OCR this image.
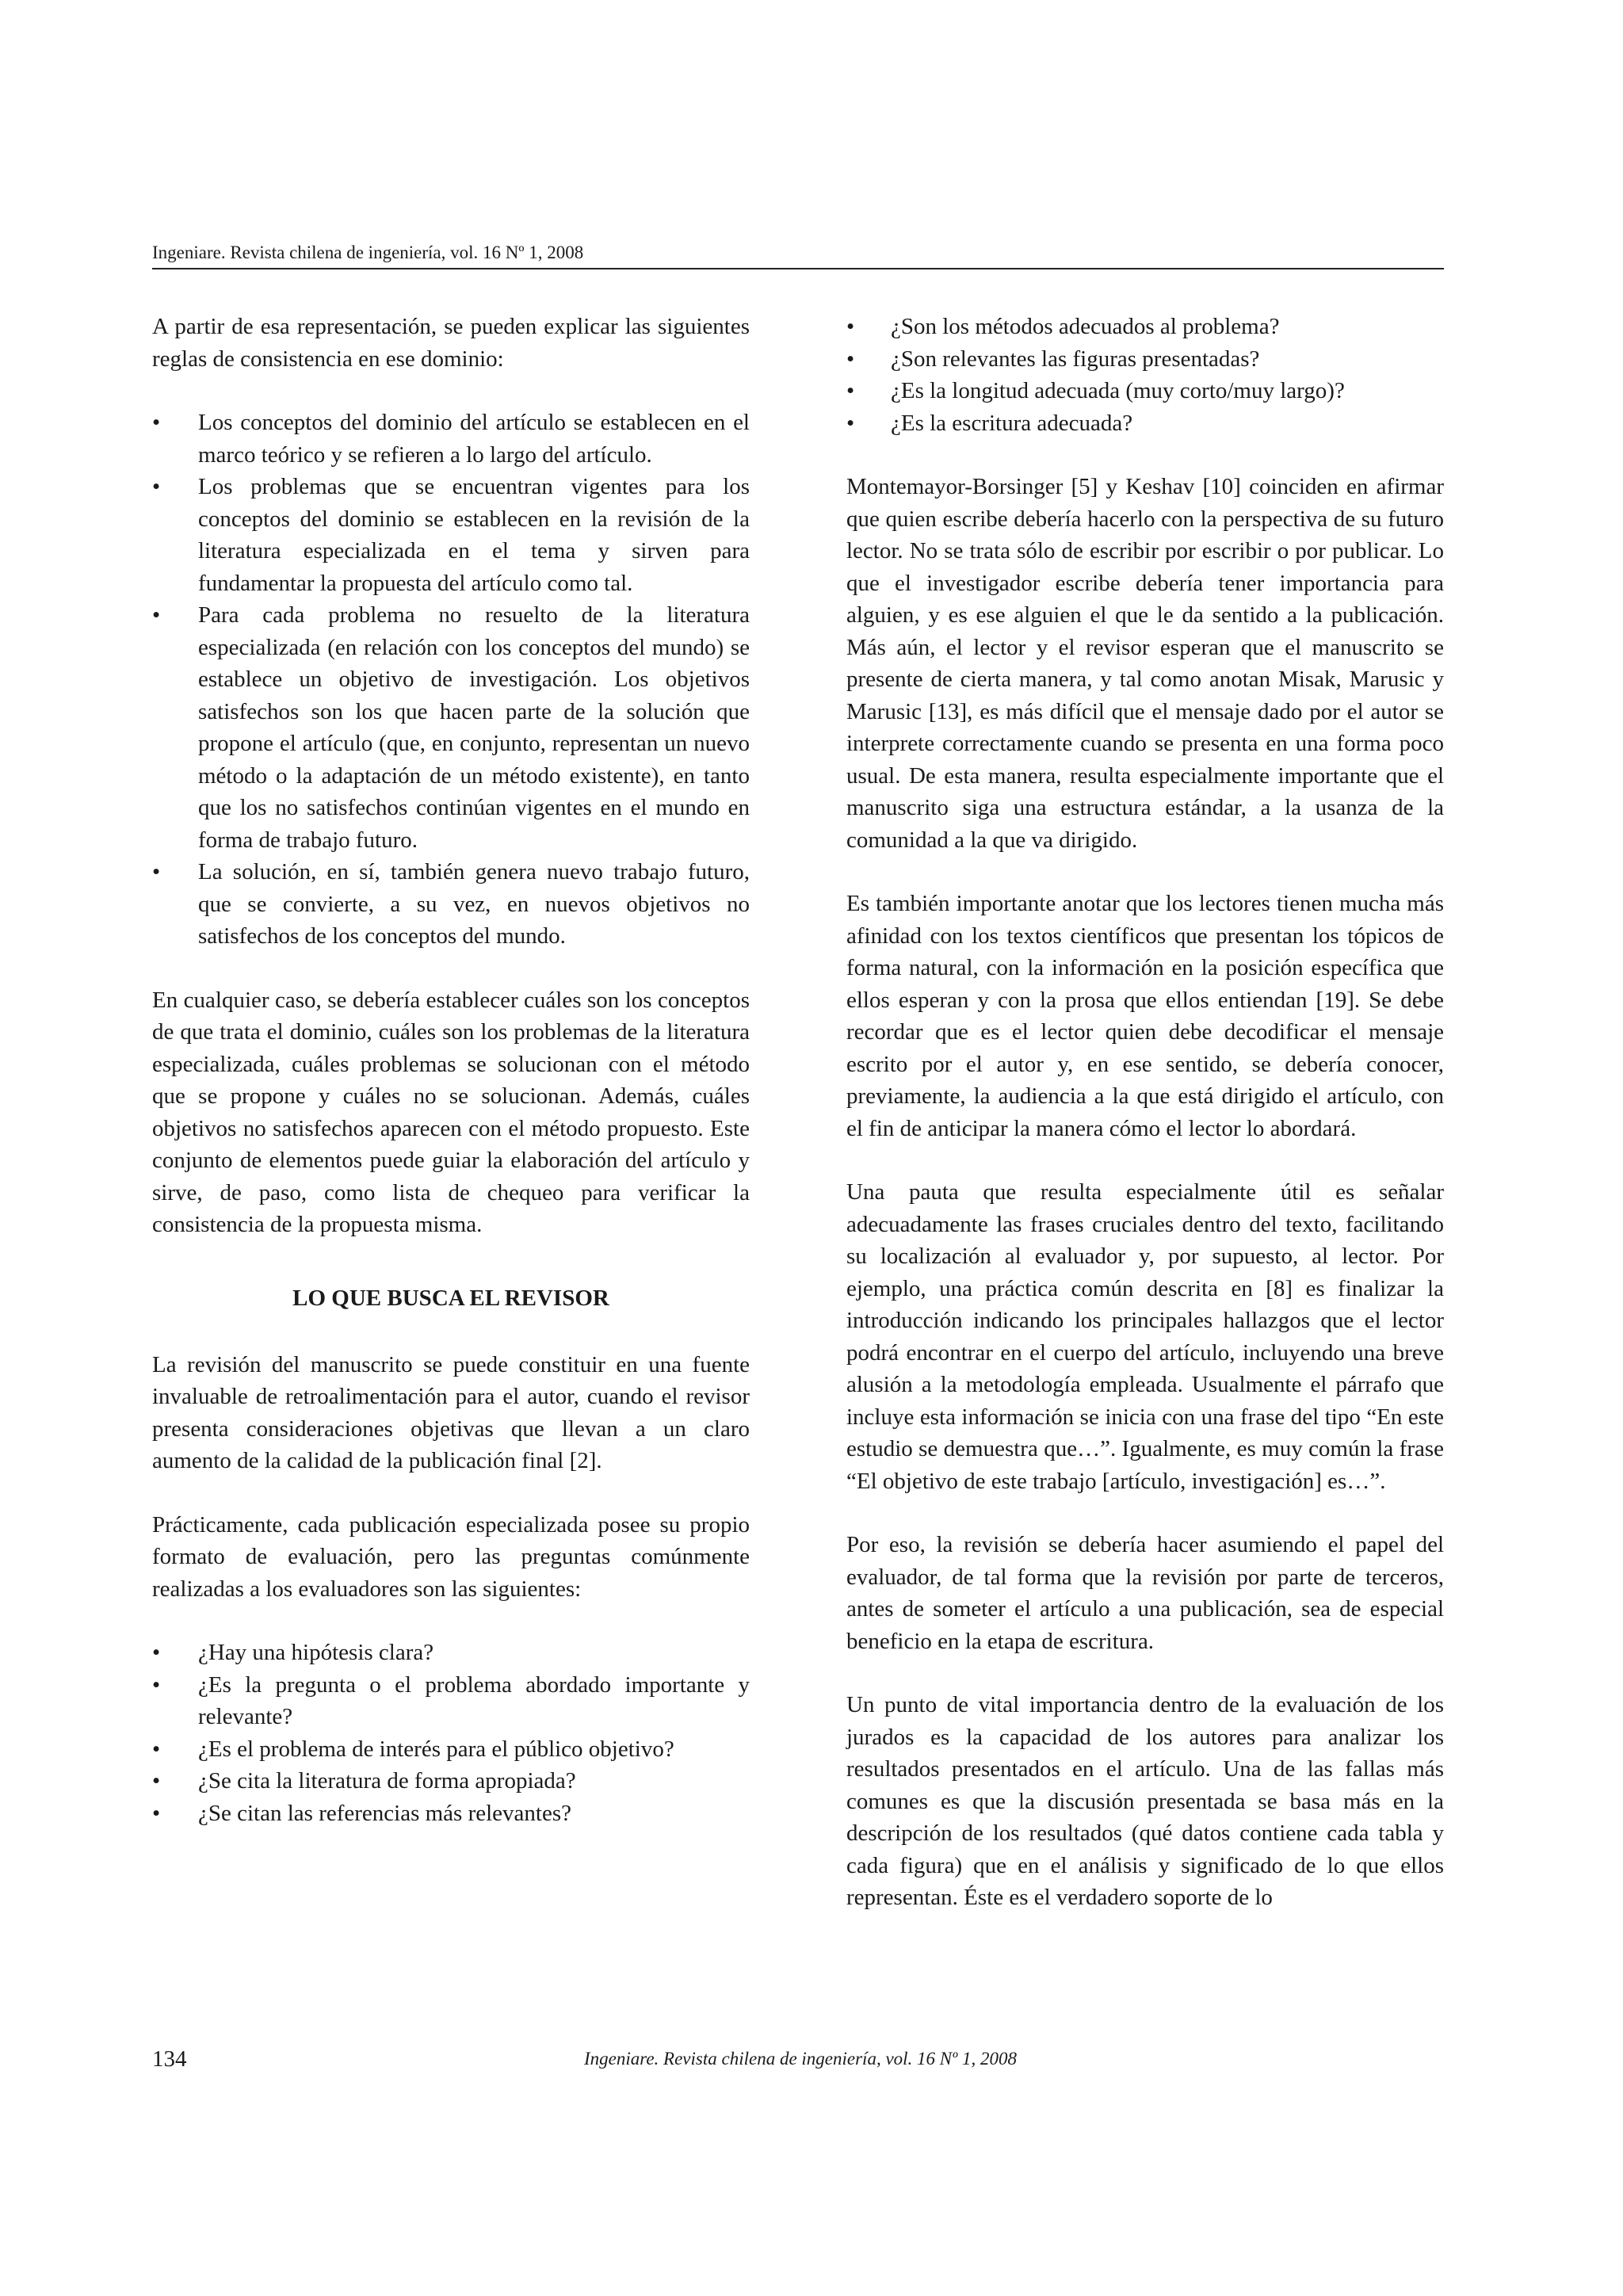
Ingeniare. Revista chilena de ingeniería, vol. 16 Nº 1, 2008

A partir de esa representación, se pueden explicar las siguientes reglas de consistencia en ese dominio:

• Los conceptos del dominio del artículo se establecen en el marco teórico y se refieren a lo largo del artículo.
• Los problemas que se encuentran vigentes para los conceptos del dominio se establecen en la revisión de la literatura especializada en el tema y sirven para fundamentar la propuesta del artículo como tal.
• Para cada problema no resuelto de la literatura especializada (en relación con los conceptos del mundo) se establece un objetivo de investigación. Los objetivos satisfechos son los que hacen parte de la solución que propone el artículo (que, en conjunto, representan un nuevo método o la adaptación de un método existente), en tanto que los no satisfechos continúan vigentes en el mundo en forma de trabajo futuro.
• La solución, en sí, también genera nuevo trabajo futuro, que se convierte, a su vez, en nuevos objetivos no satisfechos de los conceptos del mundo.

En cualquier caso, se debería establecer cuáles son los conceptos de que trata el dominio, cuáles son los problemas de la literatura especializada, cuáles problemas se solucionan con el método que se propone y cuáles no se solucionan. Además, cuáles objetivos no satisfechos aparecen con el método propuesto. Este conjunto de elementos puede guiar la elaboración del artículo y sirve, de paso, como lista de chequeo para verificar la consistencia de la propuesta misma.

LO QUE BUSCA EL REVISOR

La revisión del manuscrito se puede constituir en una fuente invaluable de retroalimentación para el autor, cuando el revisor presenta consideraciones objetivas que llevan a un claro aumento de la calidad de la publicación final [2].

Prácticamente, cada publicación especializada posee su propio formato de evaluación, pero las preguntas comúnmente realizadas a los evaluadores son las siguientes:

• ¿Hay una hipótesis clara?
• ¿Es la pregunta o el problema abordado importante y relevante?
• ¿Es el problema de interés para el público objetivo?
• ¿Se cita la literatura de forma apropiada?
• ¿Se citan las referencias más relevantes?
• ¿Son los métodos adecuados al problema?
• ¿Son relevantes las figuras presentadas?
• ¿Es la longitud adecuada (muy corto/muy largo)?
• ¿Es la escritura adecuada?

Montemayor-Borsinger [5] y Keshav [10] coinciden en afirmar que quien escribe debería hacerlo con la perspectiva de su futuro lector. No se trata sólo de escribir por escribir o por publicar. Lo que el investigador escribe debería tener importancia para alguien, y es ese alguien el que le da sentido a la publicación. Más aún, el lector y el revisor esperan que el manuscrito se presente de cierta manera, y tal como anotan Misak, Marusic y Marusic [13], es más difícil que el mensaje dado por el autor se interprete correctamente cuando se presenta en una forma poco usual. De esta manera, resulta especialmente importante que el manuscrito siga una estructura estándar, a la usanza de la comunidad a la que va dirigido.

Es también importante anotar que los lectores tienen mucha más afinidad con los textos científicos que presentan los tópicos de forma natural, con la información en la posición específica que ellos esperan y con la prosa que ellos entiendan [19]. Se debe recordar que es el lector quien debe decodificar el mensaje escrito por el autor y, en ese sentido, se debería conocer, previamente, la audiencia a la que está dirigido el artículo, con el fin de anticipar la manera cómo el lector lo abordará.

Una pauta que resulta especialmente útil es señalar adecuadamente las frases cruciales dentro del texto, facilitando su localización al evaluador y, por supuesto, al lector. Por ejemplo, una práctica común descrita en [8] es finalizar la introducción indicando los principales hallazgos que el lector podrá encontrar en el cuerpo del artículo, incluyendo una breve alusión a la metodología empleada. Usualmente el párrafo que incluye esta información se inicia con una frase del tipo “En este estudio se demuestra que…”. Igualmente, es muy común la frase “El objetivo de este trabajo [artículo, investigación] es…”.

Por eso, la revisión se debería hacer asumiendo el papel del evaluador, de tal forma que la revisión por parte de terceros, antes de someter el artículo a una publicación, sea de especial beneficio en la etapa de escritura.

Un punto de vital importancia dentro de la evaluación de los jurados es la capacidad de los autores para analizar los resultados presentados en el artículo. Una de las fallas más comunes es que la discusión presentada se basa más en la descripción de los resultados (qué datos contiene cada tabla y cada figura) que en el análisis y significado de lo que ellos representan. Éste es el verdadero soporte de lo

134	Ingeniare. Revista chilena de ingeniería, vol. 16 Nº 1, 2008
